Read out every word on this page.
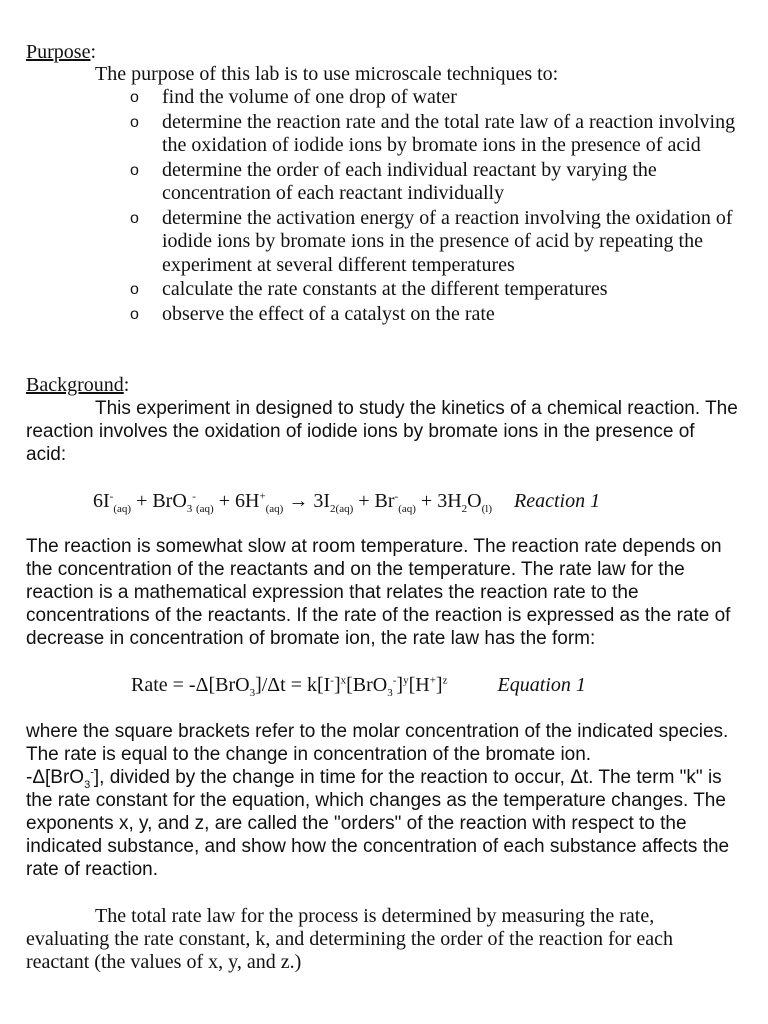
Purpose:
The purpose of this lab is to use microscale techniques to:
o find the volume of one drop of water
o determine the reaction rate and the total rate law of a reaction involving the oxidation of iodide ions by bromate ions in the presence of acid
o determine the order of each individual reactant by varying the concentration of each reactant individually
o determine the activation energy of a reaction involving the oxidation of iodide ions by bromate ions in the presence of acid by repeating the experiment at several different temperatures
o calculate the rate constants at the different temperatures
o observe the effect of a catalyst on the rate
Background:

This experiment in designed to study the kinetics of a chemical reaction. The reaction involves the oxidation of iodide ions by bromate ions in the presence of acid:

$6I^-_{(aq)} + BrO_3^-_{(aq)} + 6H^+_{(aq)} \to 3I_{2(aq)} + Br^-_{(aq)} + 3H_2O_{(l)}$ Reaction 1

The reaction is somewhat slow at room temperature. The reaction rate depends on the concentration of the reactants and on the temperature. The rate law for the reaction is a mathematical expression that relates the reaction rate to the concentrations of the reactants. If the rate of the reaction is expressed as the rate of decrease in concentration of bromate ion, the rate law has the form:

Rate = $-\Delta[BrO_3]/\Delta t = k[I^-]^x[BrO_3^-]^y[H^+]^z$	Equation 1

where the square brackets refer to the molar concentration of the indicated species. The rate is equal to the change in concentration of the bromate ion.
-Δ[BrO$_3$-], divided by the change in time for the reaction to occur, Δt. The term "k" is the rate constant for the equation, which changes as the temperature changes. The exponents x, y, and z, are called the "orders" of the reaction with respect to the indicated substance, and show how the concentration of each substance affects the rate of reaction.

The total rate law for the process is determined by measuring the rate, evaluating the rate constant, k, and determining the order of the reaction for each reactant (the values of x, y, and z.)
